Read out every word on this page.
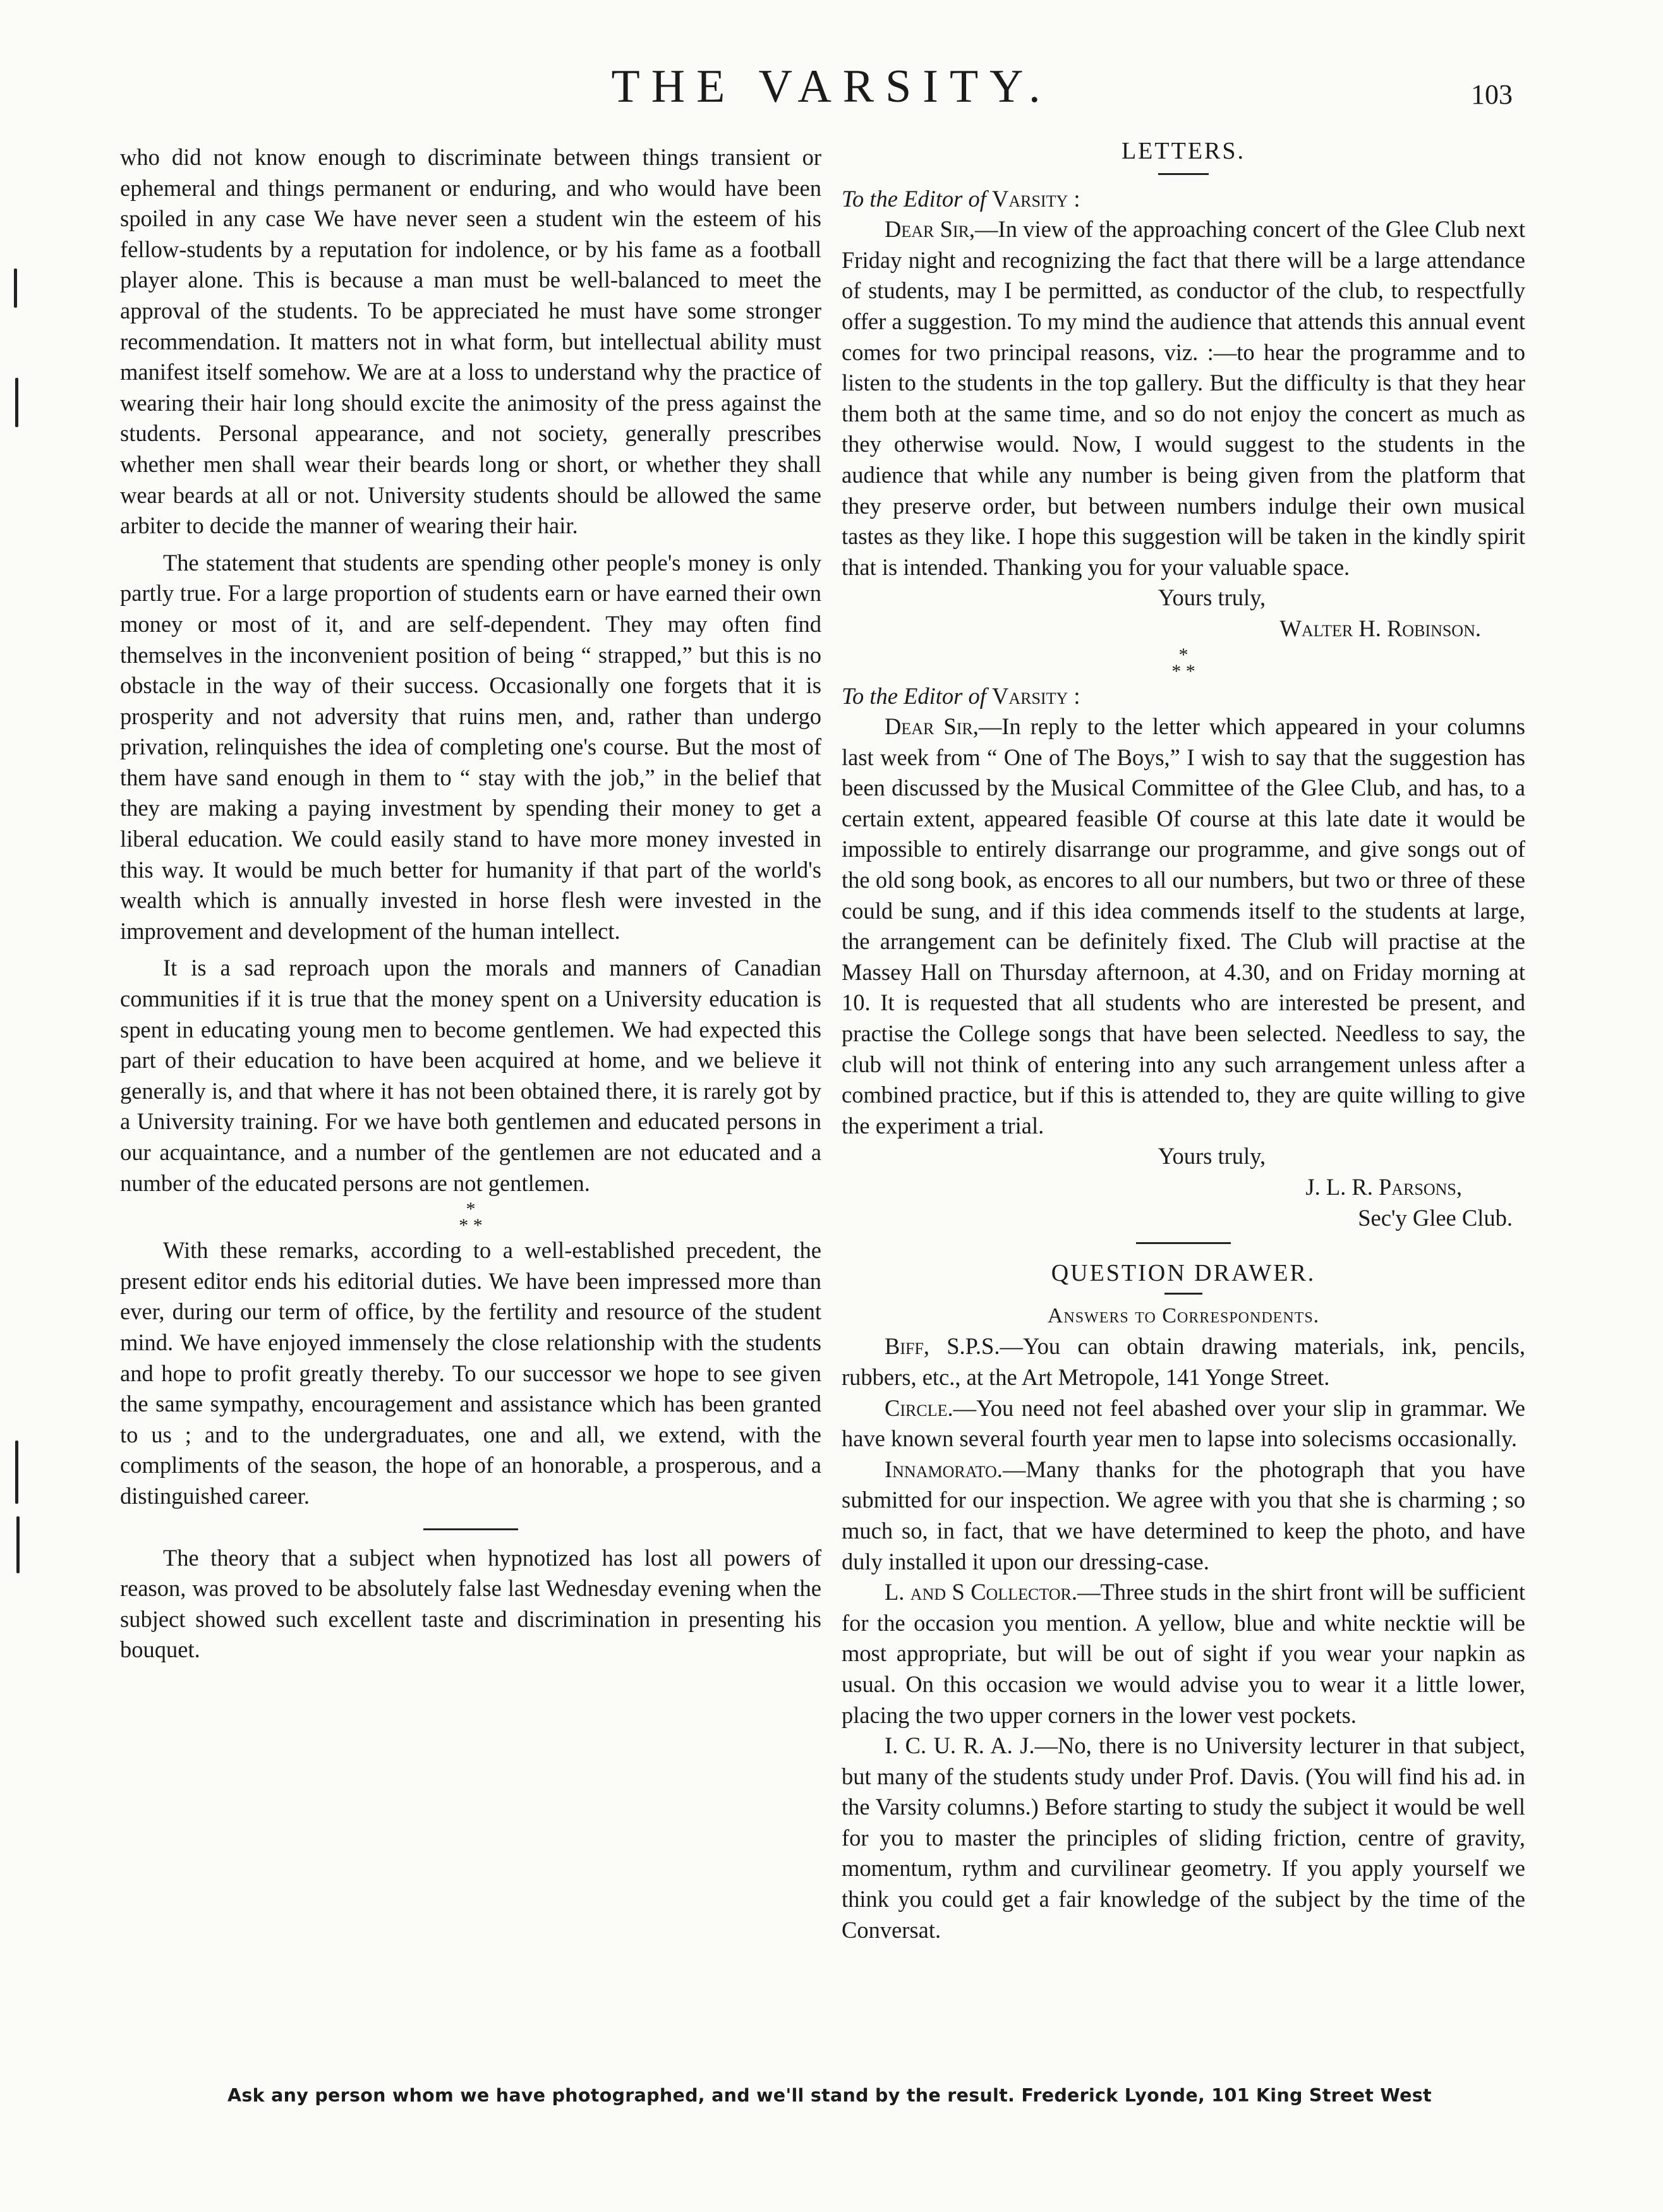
THE VARSITY.	103

who did not know enough to discriminate between things transient or ephemeral and things permanent or enduring, and who would have been spoiled in any case We have never seen a student win the esteem of his fellow-students by a reputation for indolence, or by his fame as a football player alone. This is because a man must be well-balanced to meet the approval of the students. To be appreciated he must have some stronger recommendation. It matters not in what form, but intellectual ability must manifest itself somehow. We are at a loss to understand why the practice of wearing their hair long should excite the animosity of the press against the students. Personal appearance, and not society, generally prescribes whether men shall wear their beards long or short, or whether they shall wear beards at all or not. University students should be allowed the same arbiter to decide the manner of wearing their hair.

The statement that students are spending other people's money is only partly true. For a large proportion of students earn or have earned their own money or most of it, and are self-dependent. They may often find themselves in the inconvenient position of being “ strapped,” but this is no obstacle in the way of their success. Occasionally one forgets that it is prosperity and not adversity that ruins men, and, rather than undergo privation, relinquishes the idea of completing one's course. But the most of them have sand enough in them to “ stay with the job,” in the belief that they are making a paying investment by spending their money to get a liberal education. We could easily stand to have more money invested in this way. It would be much better for humanity if that part of the world's wealth which is annually invested in horse flesh were invested in the improvement and development of the human intellect.

It is a sad reproach upon the morals and manners of Canadian communities if it is true that the money spent on a University education is spent in educating young men to become gentlemen. We had expected this part of their education to have been acquired at home, and we believe it generally is, and that where it has not been obtained there, it is rarely got by a University training. For we have both gentlemen and educated persons in our acquaintance, and a number of the gentlemen are not educated and a number of the educated persons are not gentlemen.

*
* *

With these remarks, according to a well-established precedent, the present editor ends his editorial duties. We have been impressed more than ever, during our term of office, by the fertility and resource of the student mind. We have enjoyed immensely the close relationship with the students and hope to profit greatly thereby. To our successor we hope to see given the same sympathy, encouragement and assistance which has been granted to us ; and to the undergraduates, one and all, we extend, with the compliments of the season, the hope of an honorable, a prosperous, and a distinguished career.

The theory that a subject when hypnotized has lost all powers of reason, was proved to be absolutely false last Wednesday evening when the subject showed such excellent taste and discrimination in presenting his bouquet.

LETTERS.

To the Editor of Varsity :

Dear Sir,—In view of the approaching concert of the Glee Club next Friday night and recognizing the fact that there will be a large attendance of students, may I be permitted, as conductor of the club, to respectfully offer a suggestion. To my mind the audience that attends this annual event comes for two principal reasons, viz. :—to hear the programme and to listen to the students in the top gallery. But the difficulty is that they hear them both at the same time, and so do not enjoy the concert as much as they otherwise would. Now, I would suggest to the students in the audience that while any number is being given from the platform that they preserve order, but between numbers indulge their own musical tastes as they like. I hope this suggestion will be taken in the kindly spirit that is intended. Thanking you for your valuable space.

Yours truly,

Walter H. Robinson.

*
* *

To the Editor of Varsity :

Dear Sir,—In reply to the letter which appeared in your columns last week from “ One of The Boys,” I wish to say that the suggestion has been discussed by the Musical Committee of the Glee Club, and has, to a certain extent, appeared feasible Of course at this late date it would be impossible to entirely disarrange our programme, and give songs out of the old song book, as encores to all our numbers, but two or three of these could be sung, and if this idea commends itself to the students at large, the arrangement can be definitely fixed. The Club will practise at the Massey Hall on Thursday afternoon, at 4.30, and on Friday morning at 10. It is requested that all students who are interested be present, and practise the College songs that have been selected. Needless to say, the club will not think of entering into any such arrangement unless after a combined practice, but if this is attended to, they are quite willing to give the experiment a trial.

Yours truly,

J. L. R. Parsons,

Sec'y Glee Club.

QUESTION DRAWER.

Answers to Correspondents.

Biff, S.P.S.—You can obtain drawing materials, ink, pencils, rubbers, etc., at the Art Metropole, 141 Yonge Street.

Circle.—You need not feel abashed over your slip in grammar. We have known several fourth year men to lapse into solecisms occasionally.

Innamorato.—Many thanks for the photograph that you have submitted for our inspection. We agree with you that she is charming ; so much so, in fact, that we have determined to keep the photo, and have duly installed it upon our dressing-case.

L. and S Collector.—Three studs in the shirt front will be sufficient for the occasion you mention. A yellow, blue and white necktie will be most appropriate, but will be out of sight if you wear your napkin as usual. On this occasion we would advise you to wear it a little lower, placing the two upper corners in the lower vest pockets.

I. C. U. R. A. J.—No, there is no University lecturer in that subject, but many of the students study under Prof. Davis. (You will find his ad. in the Varsity columns.) Before starting to study the subject it would be well for you to master the principles of sliding friction, centre of gravity, momentum, rythm and curvilinear geometry. If you apply yourself we think you could get a fair knowledge of the subject by the time of the Conversat.

Ask any person whom we have photographed, and we'll stand by the result. Frederick Lyonde, 101 King Street West
